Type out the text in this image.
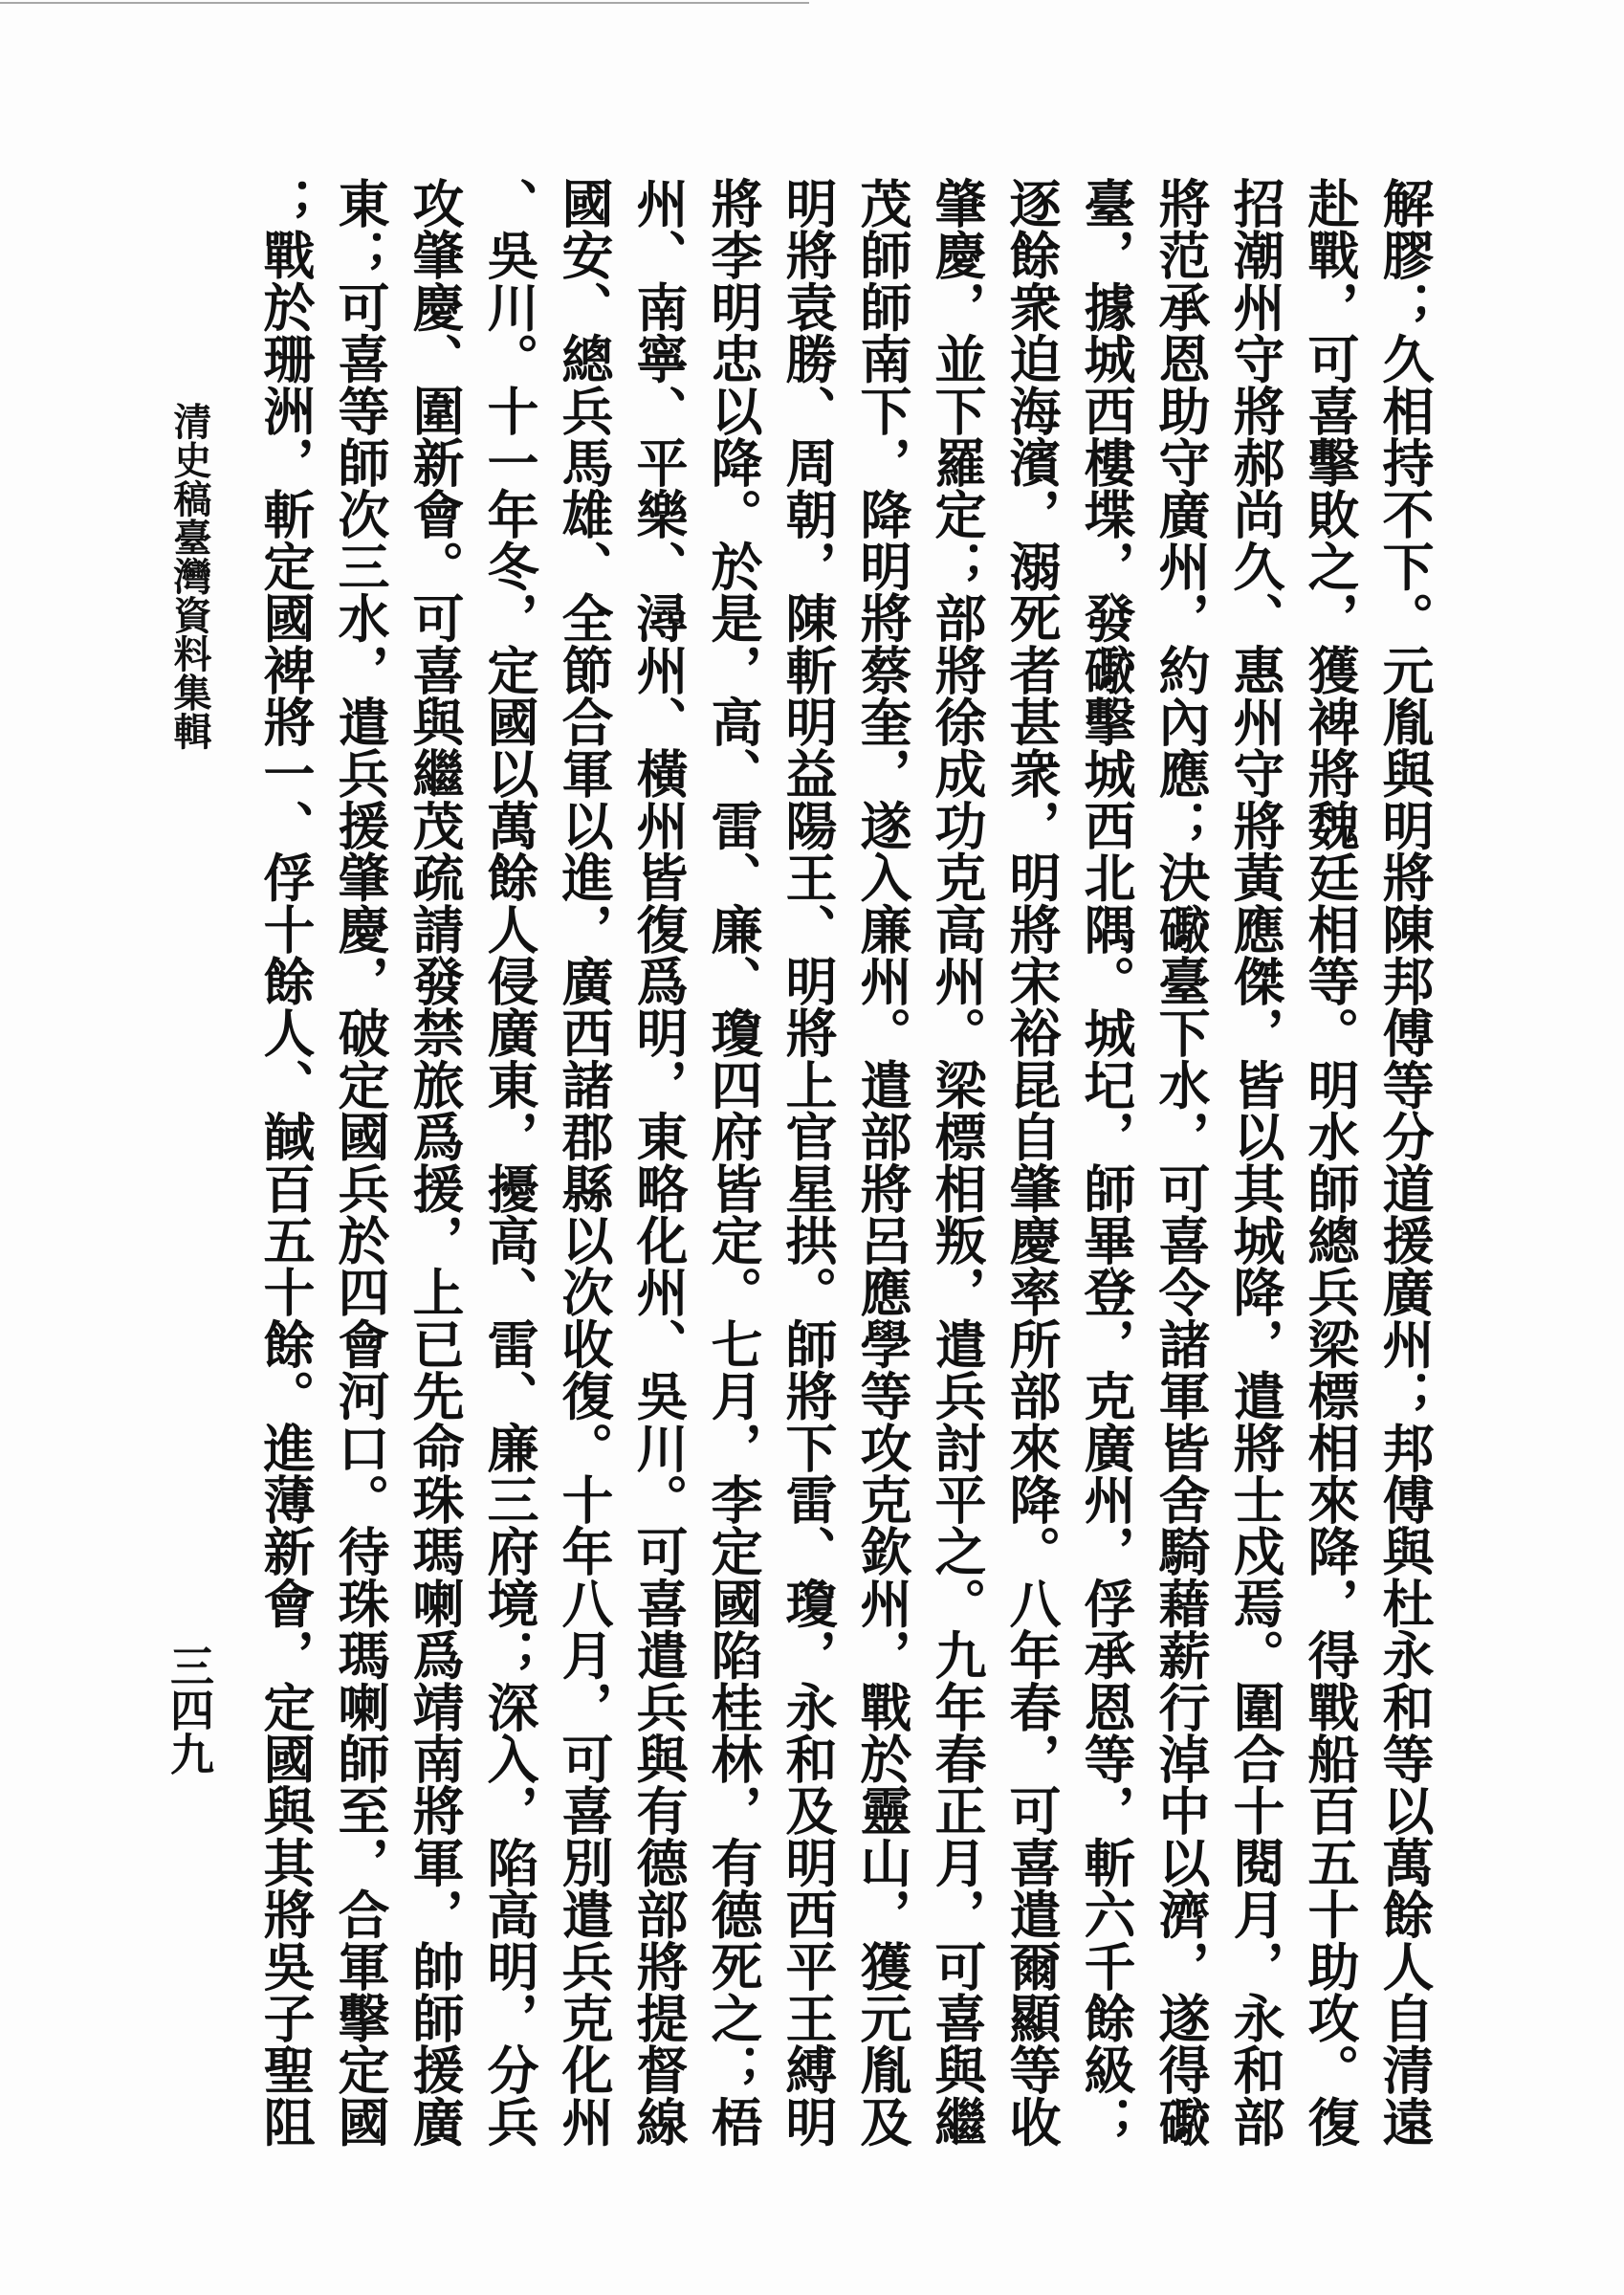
清史稿臺灣資料集輯
三四九	解膠；久相持不下。元胤與明將陳邦傅等分道援廣州；邦傅與杜永和等以萬餘人自清遠
赴戰，可喜擊敗之，獲裨將魏廷相等。明水師總兵梁標相來降，得戰船百五十助攻。復
招潮州守將郝尚久、惠州守將黃應傑，皆以其城降，遣將士戍焉。圍合十閱月，永和部
將范承恩助守廣州，約內應；決礮臺下水，可喜令諸軍皆舍騎藉薪行淖中以濟，遂得礮
臺，據城西樓堞，發礮擊城西北隅。城圮，師畢登，克廣州，俘承恩等，斬六千餘級；
逐餘衆迫海濱，溺死者甚衆，明將宋裕昆自肇慶率所部來降。八年春，可喜遣爾顯等收
肇慶，並下羅定；部將徐成功克高州。梁標相叛，遣兵討平之。九年春正月，可喜與繼
茂師師南下，降明將蔡奎，遂入廉州。遣部將呂應學等攻克欽州，戰於靈山，獲元胤及
明將袁勝、周朝，陳斬明益陽王、明將上官星拱。師將下雷、瓊，永和及明西平王縛明
將李明忠以降。於是，高、雷、廉、瓊四府皆定。七月，李定國陷桂林，有德死之；梧
州、南寧、平樂、潯州、橫州皆復爲明，東略化州、吳川。可喜遣兵與有德部將提督線
國安、總兵馬雄、全節合軍以進，廣西諸郡縣以次收復。十年八月，可喜別遣兵克化州
、吳川。十一年冬，定國以萬餘人侵廣東，擾高、雷、廉三府境；深入，陷高明，分兵
攻肇慶、圍新會。可喜與繼茂疏請發禁旅爲援，上已先命珠瑪喇爲靖南將軍，帥師援廣
東；可喜等師次三水，遣兵援肇慶，破定國兵於四會河口。待珠瑪喇師至，合軍擊定國
；戰於珊洲，斬定國裨將一、俘十餘人、馘百五十餘。進薄新會，定國與其將吳子聖阻
